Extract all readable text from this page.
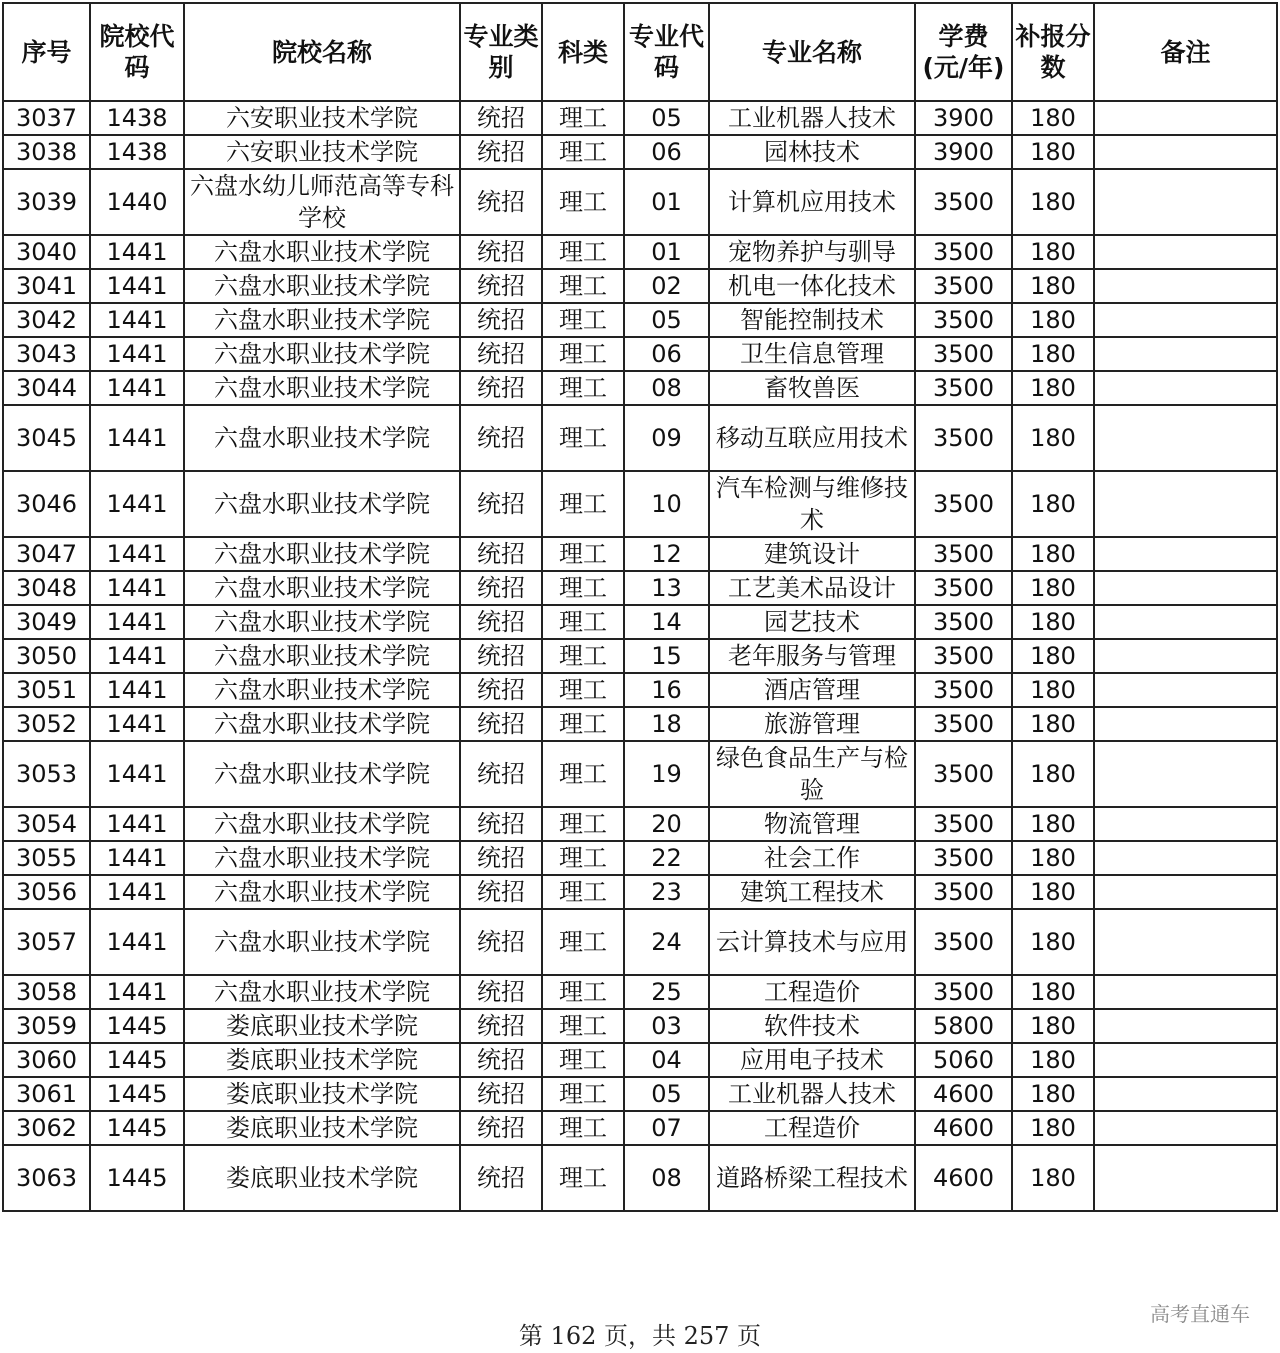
序号	院校代码	院校名称	专业类别	科类	专业代码	专业名称	学费(元/年)	补报分数	备注
3037	1438	六安职业技术学院	统招	理工	05	工业机器人技术	3900	180	
3038	1438	六安职业技术学院	统招	理工	06	园林技术	3900	180	
3039	1440	六盘水幼儿师范高等专科学校	统招	理工	01	计算机应用技术	3500	180	
3040	1441	六盘水职业技术学院	统招	理工	01	宠物养护与驯导	3500	180	
3041	1441	六盘水职业技术学院	统招	理工	02	机电一体化技术	3500	180	
3042	1441	六盘水职业技术学院	统招	理工	05	智能控制技术	3500	180	
3043	1441	六盘水职业技术学院	统招	理工	06	卫生信息管理	3500	180	
3044	1441	六盘水职业技术学院	统招	理工	08	畜牧兽医	3500	180	
3045	1441	六盘水职业技术学院	统招	理工	09	移动互联应用技术	3500	180	
3046	1441	六盘水职业技术学院	统招	理工	10	汽车检测与维修技术	3500	180	
3047	1441	六盘水职业技术学院	统招	理工	12	建筑设计	3500	180	
3048	1441	六盘水职业技术学院	统招	理工	13	工艺美术品设计	3500	180	
3049	1441	六盘水职业技术学院	统招	理工	14	园艺技术	3500	180	
3050	1441	六盘水职业技术学院	统招	理工	15	老年服务与管理	3500	180	
3051	1441	六盘水职业技术学院	统招	理工	16	酒店管理	3500	180	
3052	1441	六盘水职业技术学院	统招	理工	18	旅游管理	3500	180	
3053	1441	六盘水职业技术学院	统招	理工	19	绿色食品生产与检验	3500	180	
3054	1441	六盘水职业技术学院	统招	理工	20	物流管理	3500	180	
3055	1441	六盘水职业技术学院	统招	理工	22	社会工作	3500	180	
3056	1441	六盘水职业技术学院	统招	理工	23	建筑工程技术	3500	180	
3057	1441	六盘水职业技术学院	统招	理工	24	云计算技术与应用	3500	180	
3058	1441	六盘水职业技术学院	统招	理工	25	工程造价	3500	180	
3059	1445	娄底职业技术学院	统招	理工	03	软件技术	5800	180	
3060	1445	娄底职业技术学院	统招	理工	04	应用电子技术	5060	180	
3061	1445	娄底职业技术学院	统招	理工	05	工业机器人技术	4600	180	
3062	1445	娄底职业技术学院	统招	理工	07	工程造价	4600	180	
3063	1445	娄底职业技术学院	统招	理工	08	道路桥梁工程技术	4600	180	
第 162 页，共 257 页
高考直通车
